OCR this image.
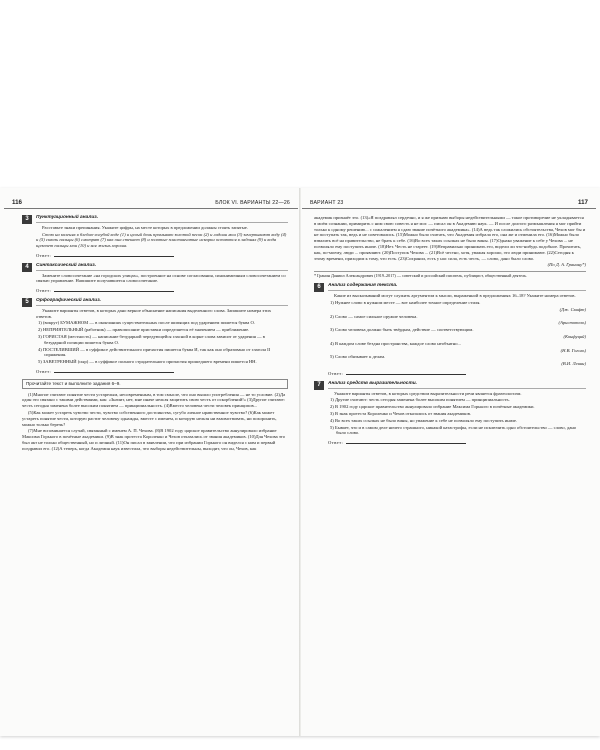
116	БЛОК VI. ВАРИАНТЫ 22—26
3	Пунктуационный анализ.

Расставьте знаки препинания. Укажите цифры, на месте которых в предложении должны стоять запятые.

Стою на коленях в бледно-голубой воде (1) и целый день промываю золотой песок (2) и ладони мои (3) зачерпывают воду (4) и (5) сквозь пальцы (6) смотрят (7) как она стекает (8) и золотые пластинчатые искорки остаются в ладонях (9) и вода щекочет пальцы мои (10) и вся жизнь хороша.

Ответ:
4	Синтаксический анализ.

Замените словосочетание «на городских улицах», построенное на основе согласования, синонимичным словосочетанием со связью управление. Напишите получившееся словосочетание.

Ответ:
5	Орфографический анализ.

Укажите варианты ответов, в которых дано верное объяснение написания выделенного слова. Запишите номера этих ответов.

1) (вокруг) БУМАЖНОМ — в окончаниях существительных после шипящих под ударением пишется буква О.

2) НЕПРИЯТЕЛЬНЫЙ (работник) — правописание приставки определяется её значением — приближение.

3) ГОРИСТАЯ (местность) — написание безударной чередующейся гласной в корне слова зависит от ударения — в безударной позиции пишется буква О.

4) ПОСТЕЛИВШИЙ — в суффиксе действительного причастия пишется буква И, так как оно образовано от глагола II спряжения.

5) ЗАВЕТРЕННЫЙ (сыр) — в суффиксе полного страдательного причастия прошедшего времени пишется НН.

Ответ:
Прочитайте текст и выполните задания 6–9.

(1)Многие считают понятие чести устарелым, несовременным, в том смысле, что оно вышло употребления — не то условие. (2)Да один это связано с такими действиями, как: «Значит, нет, мне иначе нельзя защитить свою честь от оскорблений!» (3)Другие считают: честь сегодня заменена более высоким понятием — принципиальность. (4)Вместо человека чести человек принципов...

(5)Как может устареть чувство чести, чувство собственного достоинства, сугубо личное нравственное чувство? (6)Как может устареть понятие чести, которую растит человеку однажды, вместе с именем, и которую нельзя ни взаимствовать, ни похоронить, можно только беречь?

(7)Мне вспоминается случай, связанный с именем А. П. Чехова. (8)В 1902 году царское правительство аннулировало избрание Максима Горького в почётные академики. (9)В знак протеста Короленко и Чехов отказались от звания академиков. (10)Для Чехова это был акт не только общественный, но и личный. (11)Он писал в заявлении, что при избрании Горького он виделся с ним и первый поздравил его. (12)А теперь, когда Академия наук известила, что выборы недействительны, выходит, что он, Чехов, как

ВАРИАНТ 23	117

академик признаёт это. (13)«Я поздравлял сердечно, и я же признаю выборы недействительными — такое противоречие не укладывается в моём сознании, примирить с ним свою совесть я не мог. — писал он в Академию наук. — И после долгого размышления я мог прийти только к одному решению... с сожалением я сдаю звание почётного академика». (14)А ведь так сложились обстоятельства, Чехов мог бы и не поступать так, ведь и не советовались. (15)Можно было считать, что Академия избрала его, она же и отменила его. (16)Можно было взвалить всё на правительство, не брать к себе. (16)Во всех таких ссылках не было вины. (17)Однако уважение к себе у Чехова ... не позволяло ему поступить иначе. (18)Нет. Честь не стареет. (19)Неправильно принимать его, видели ли что-нибудь подобное. Прочитать, как, по-моему, люди ... проявляют. (20)Поступок Чехова ... (21)Всё честно, хотя, уважая хорошо, это люди принимают. (22)Сегодня к этому времени, приходим к тому, что есть. (23)Сохранил, есть у нас сила, есть честь, — слово, дано было слово.

(По Д. А. Гранину*)

* Гранин Даниил Александрович (1919–2017) — советский и российский писатель, публицист, общественный деятель.
6	Анализ содержания текста.

Какие из высказываний могут служить аргументом к мысли, выраженной в предложениях 16–18? Укажите номера ответов.

1) Нужнее слово в нужном месте — вот наиболее точное определение стиля.

(Дж. Свифт)

2) Слово — самое сильное оружие человека.

(Аристотель)

3) Слово человека должно быть твёрдым, действие — соответствующим.

(Конфуций)

4) В каждом слове бездна пространства, каждое слово необъятно...

(Н.В. Гоголь)

5) Слово обязывает к делам.

(В.И. Ленин)

Ответ:
7	Анализ средств выразительности.

Укажите варианты ответов, в которых средством выразительности речи является фразеологизм.

1) Другие считают: честь сегодня заменена более высоким понятием — принципиальность.

2) В 1902 году царское правительство аннулировало избрание Максима Горького в почётные академики.

3) В знак протеста Короленко и Чехов отказались от звания академиков.

4) Во всех таких ссылках не было вины, но уважение к себе не позволяло ему поступить иначе.

5) Бывает, что и в самом деле ничего страшного, никакой катастрофы, если не исключить одно обстоятельство — слово, дано было слово.

Ответ:
